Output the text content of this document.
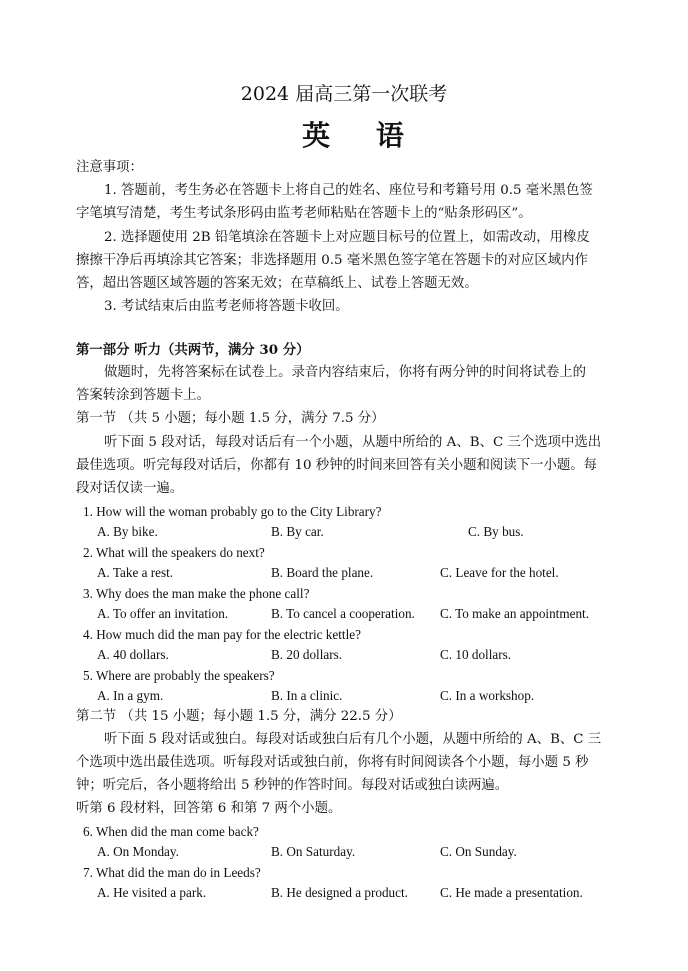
2024 届高三第一次联考
英 语
注意事项：
1. 答题前，考生务必在答题卡上将自己的姓名、座位号和考籍号用 0.5 毫米黑色签
字笔填写清楚，考生考试条形码由监考老师粘贴在答题卡上的“贴条形码区”。
2. 选择题使用 2B 铅笔填涂在答题卡上对应题目标号的位置上，如需改动，用橡皮
擦擦干净后再填涂其它答案；非选择题用 0.5 毫米黑色签字笔在答题卡的对应区域内作
答，超出答题区域答题的答案无效；在草稿纸上、试卷上答题无效。
3. 考试结束后由监考老师将答题卡收回。
第一部分 听力（共两节，满分 30 分）
做题时，先将答案标在试卷上。录音内容结束后，你将有两分钟的时间将试卷上的
答案转涂到答题卡上。
第一节 （共 5 小题；每小题 1.5 分，满分 7.5 分）
听下面 5 段对话，每段对话后有一个小题，从题中所给的 A、B、C 三个选项中选出
最佳选项。听完每段对话后，你都有 10 秒钟的时间来回答有关小题和阅读下一小题。每
段对话仅读一遍。
1. How will the woman probably go to the City Library?
A. By bike.	B. By car.	C. By bus.
2. What will the speakers do next?
A. Take a rest.	B. Board the plane.	C. Leave for the hotel.
3. Why does the man make the phone call?
A. To offer an invitation.	B. To cancel a cooperation. C. To make an appointment.
4. How much did the man pay for the electric kettle?
A. 40 dollars.	B. 20 dollars.	C. 10 dollars.
5. Where are probably the speakers?
A. In a gym.	B. In a clinic.	C. In a workshop.
第二节 （共 15 小题；每小题 1.5 分，满分 22.5 分）
听下面 5 段对话或独白。每段对话或独白后有几个小题，从题中所给的 A、B、C 三
个选项中选出最佳选项。听每段对话或独白前，你将有时间阅读各个小题，每小题 5 秒
钟；听完后，各小题将给出 5 秒钟的作答时间。每段对话或独白读两遍。
听第 6 段材料，回答第 6 和第 7 两个小题。
6. When did the man come back?
A. On Monday.	B. On Saturday.	C. On Sunday.
7. What did the man do in Leeds?
A. He visited a park.	B. He designed a product. C. He made a presentation.
